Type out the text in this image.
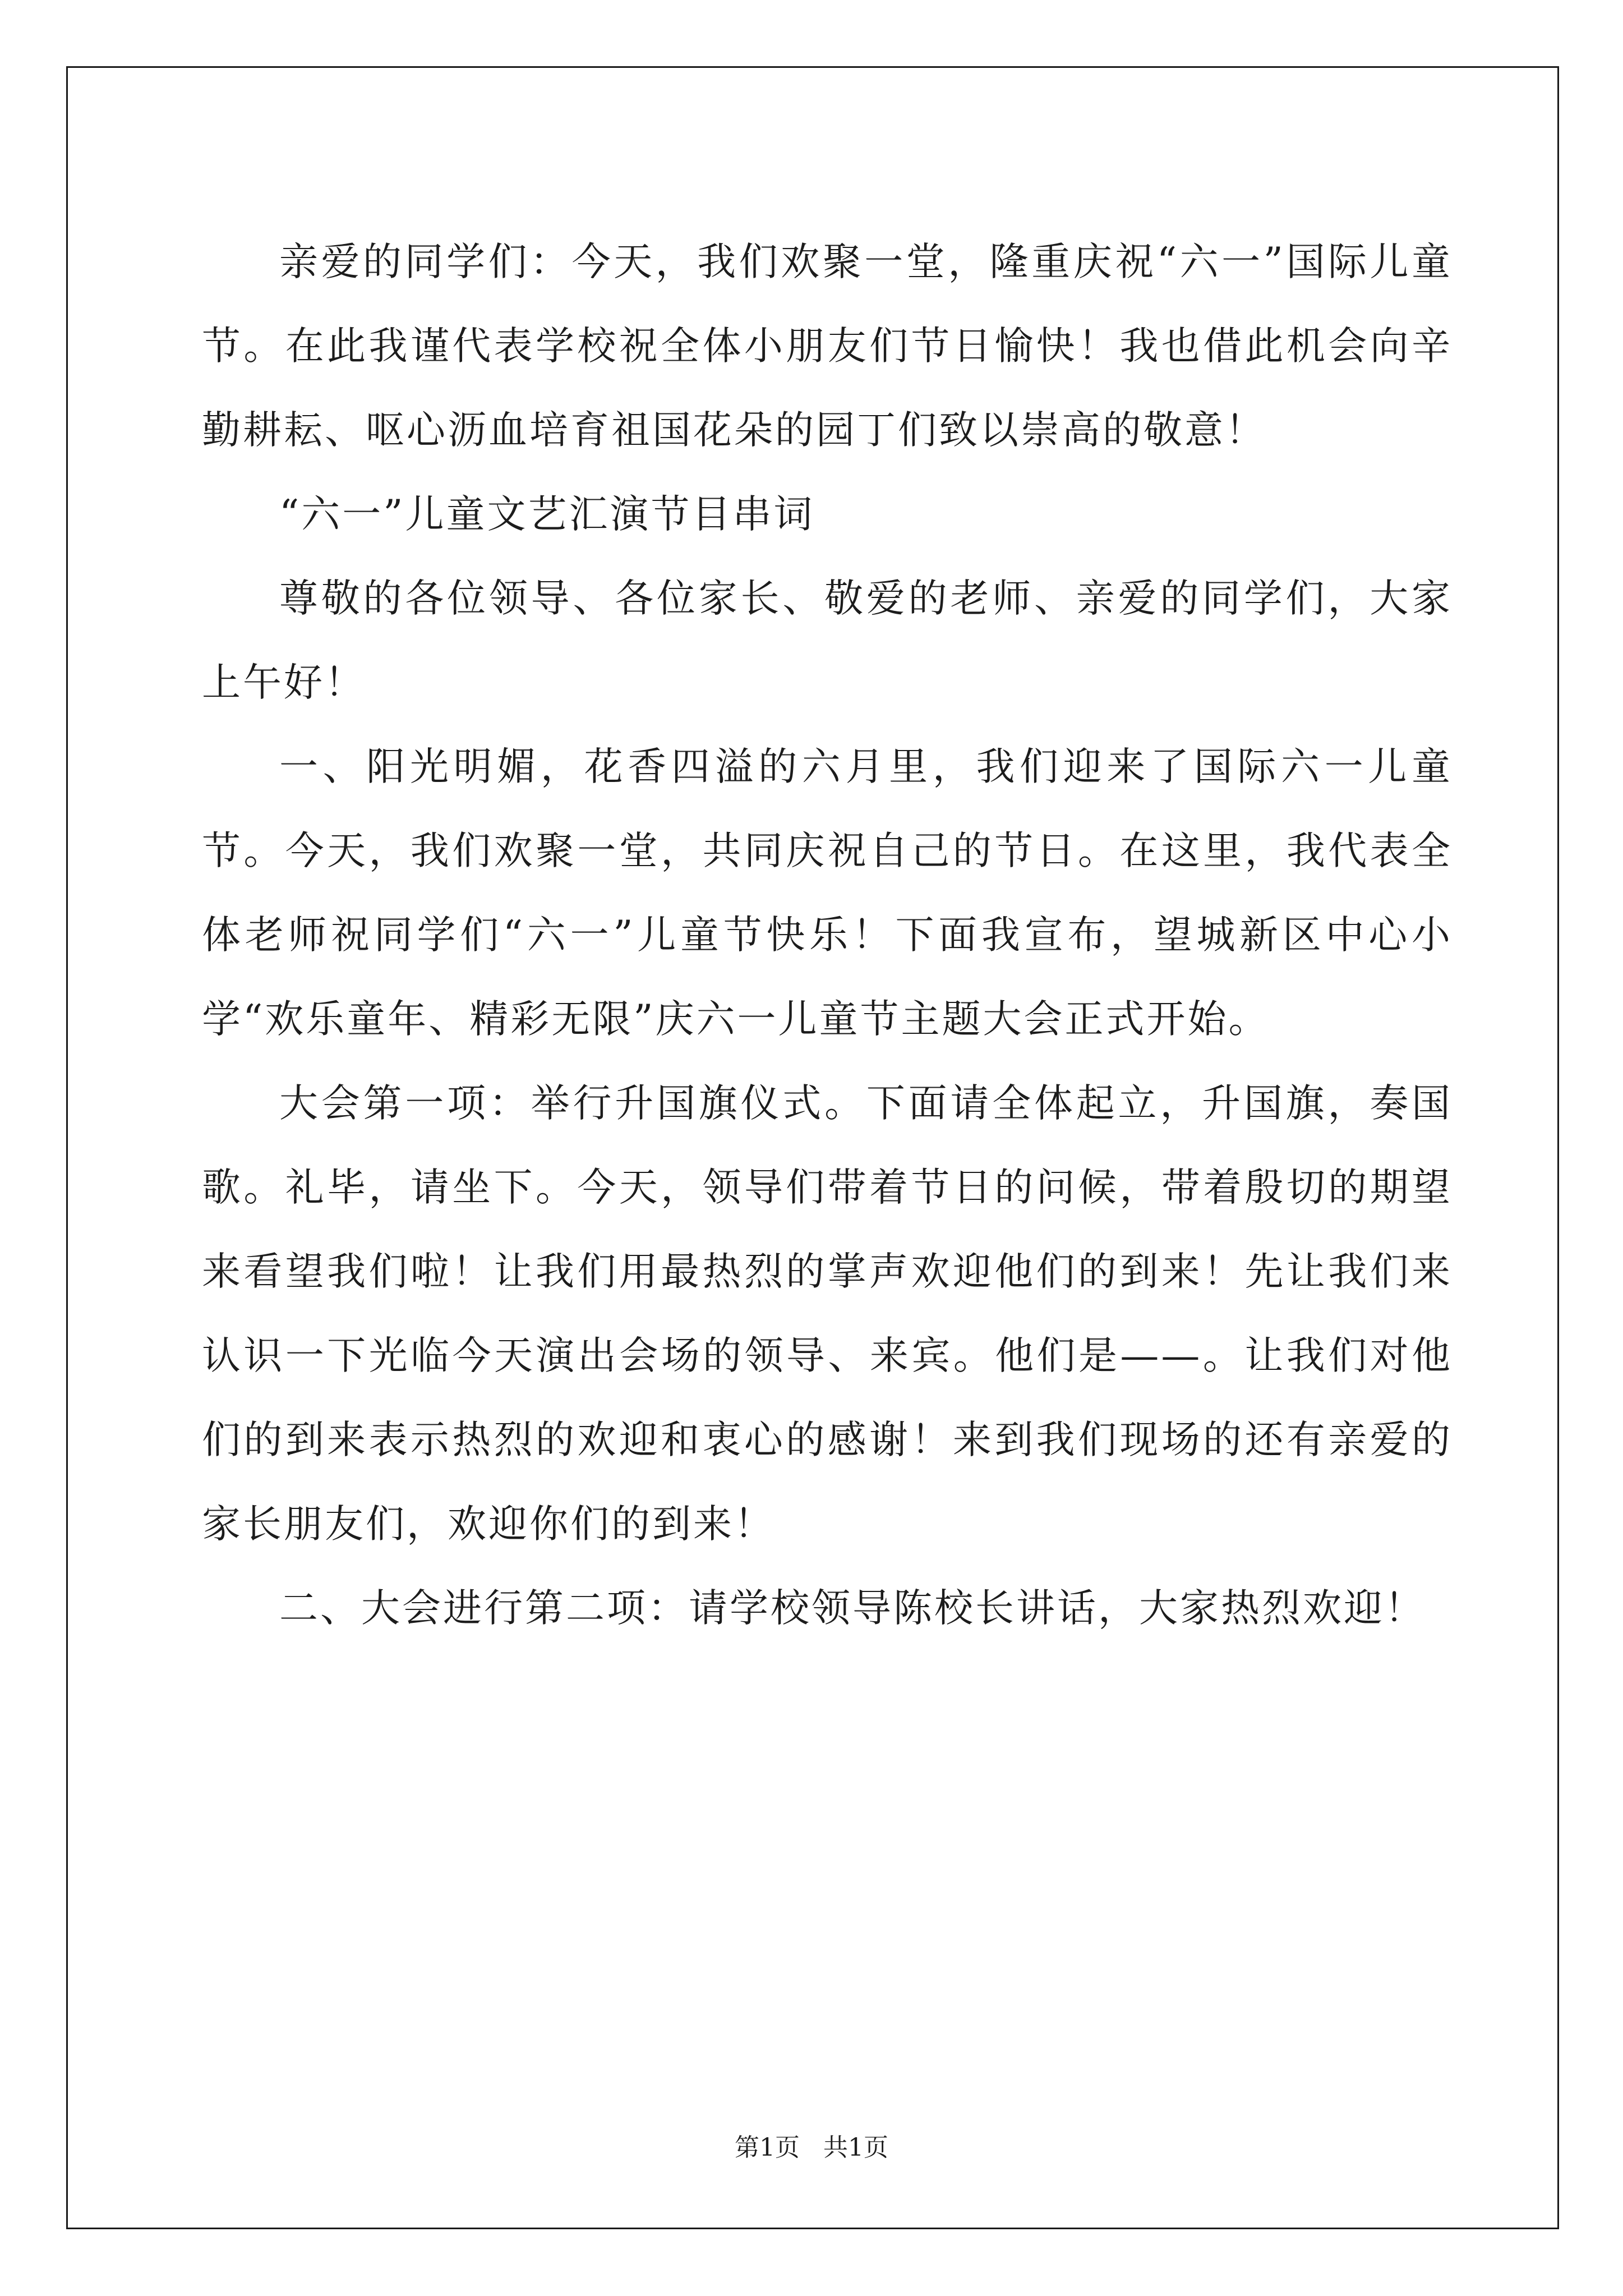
亲爱的同学们：今天，我们欢聚一堂，隆重庆祝“六一”国际儿童节。在此我谨代表学校祝全体小朋友们节日愉快！我也借此机会向辛勤耕耘、呕心沥血培育祖国花朵的园丁们致以崇高的敬意！

“六一”儿童文艺汇演节目串词

尊敬的各位领导、各位家长、敬爱的老师、亲爱的同学们，大家上午好！

一、阳光明媚，花香四溢的六月里，我们迎来了国际六一儿童节。今天，我们欢聚一堂，共同庆祝自己的节日。在这里，我代表全体老师祝同学们“六一”儿童节快乐！下面我宣布，望城新区中心小学“欢乐童年、精彩无限”庆六一儿童节主题大会正式开始。

大会第一项：举行升国旗仪式。下面请全体起立，升国旗，奏国歌。礼毕，请坐下。今天，领导们带着节日的问候，带着殷切的期望来看望我们啦！让我们用最热烈的掌声欢迎他们的到来！先让我们来认识一下光临今天演出会场的领导、来宾。他们是——。让我们对他们的到来表示热烈的欢迎和衷心的感谢！来到我们现场的还有亲爱的家长朋友们，欢迎你们的到来！

二、大会进行第二项：请学校领导陈校长讲话，大家热烈欢迎！

第1页   共1页
